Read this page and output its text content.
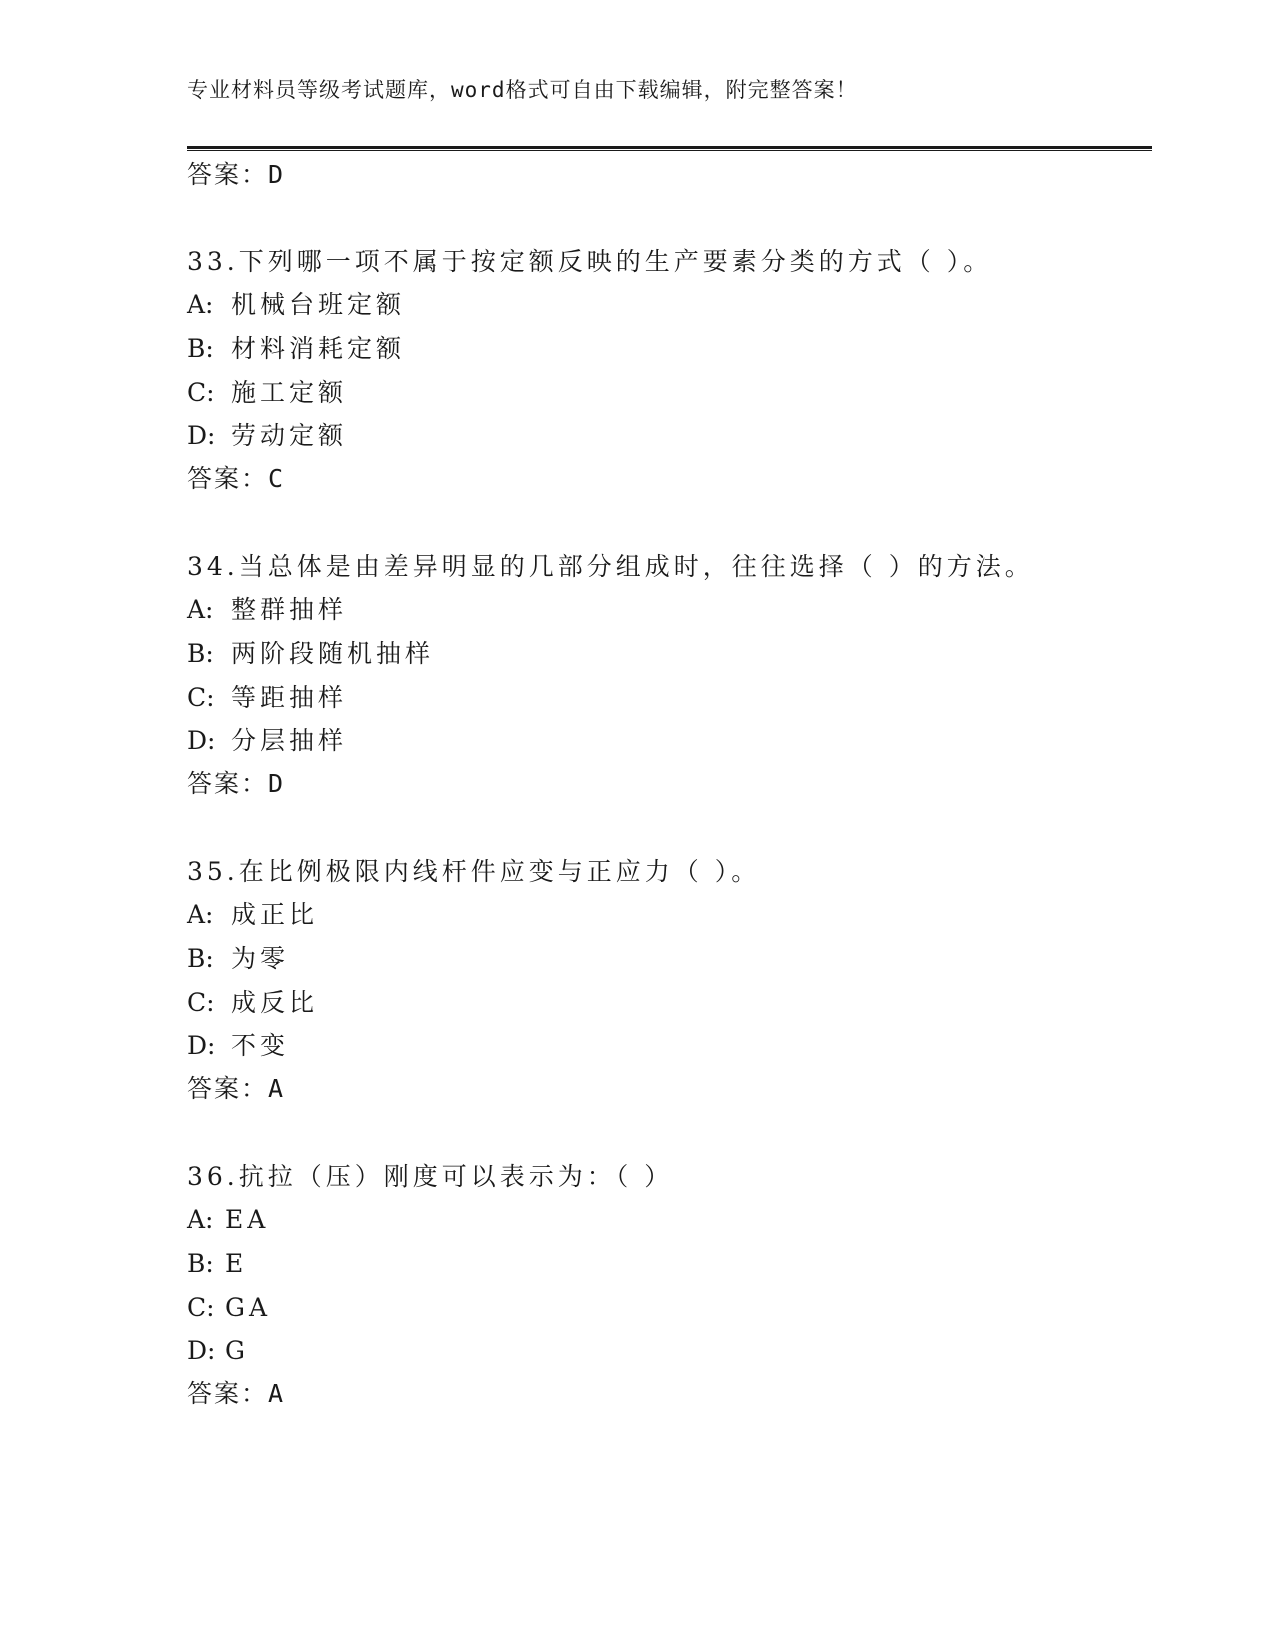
专业材料员等级考试题库，word格式可自由下载编辑，附完整答案！
答案：D
33.下列哪一项不属于按定额反映的生产要素分类的方式（ ）。
A: 机械台班定额
B: 材料消耗定额
C: 施工定额
D: 劳动定额
答案：C
34.当总体是由差异明显的几部分组成时，往往选择（ ）的方法。
A: 整群抽样
B: 两阶段随机抽样
C: 等距抽样
D: 分层抽样
答案：D
35.在比例极限内线杆件应变与正应力（ ）。
A: 成正比
B: 为零
C: 成反比
D: 不变
答案：A
36.抗拉（压）刚度可以表示为：（ ）
A: EA
B: E
C: GA
D: G
答案：A
